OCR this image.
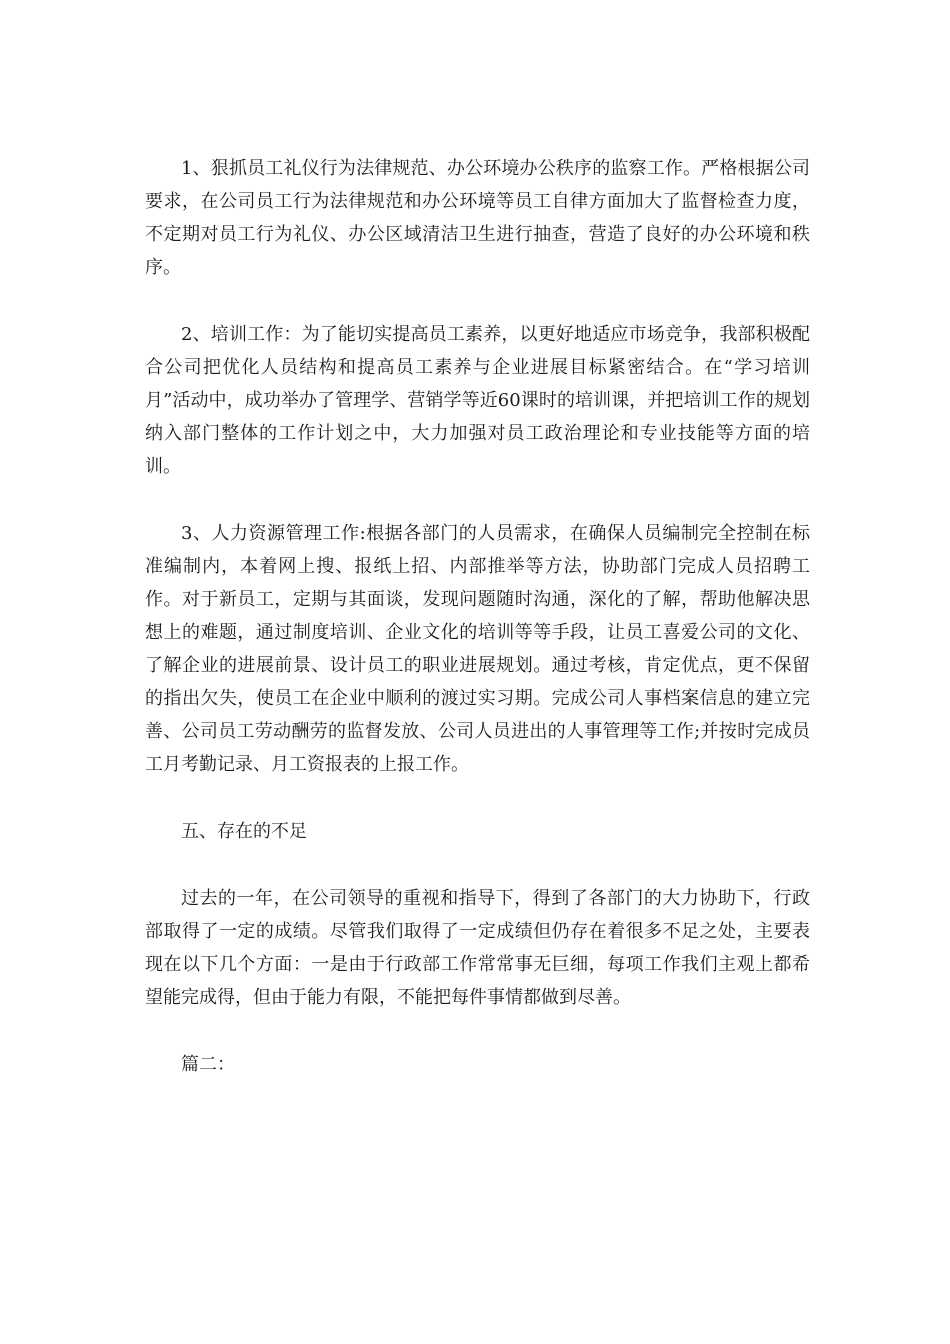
1、狠抓员工礼仪行为法律规范、办公环境办公秩序的监察工作。严格根据公司要求，在公司员工行为法律规范和办公环境等员工自律方面加大了监督检查力度，不定期对员工行为礼仪、办公区域清洁卫生进行抽查，营造了良好的办公环境和秩序。

2、培训工作：为了能切实提高员工素养，以更好地适应市场竞争，我部积极配合公司把优化人员结构和提高员工素养与企业进展目标紧密结合。在“学习培训月”活动中，成功举办了管理学、营销学等近60课时的培训课，并把培训工作的规划纳入部门整体的工作计划之中，大力加强对员工政治理论和专业技能等方面的培训。

3、人力资源管理工作:根据各部门的人员需求，在确保人员编制完全控制在标准编制内，本着网上搜、报纸上招、内部推举等方法，协助部门完成人员招聘工作。对于新员工，定期与其面谈，发现问题随时沟通，深化的了解，帮助他解决思想上的难题，通过制度培训、企业文化的培训等等手段，让员工喜爱公司的文化、了解企业的进展前景、设计员工的职业进展规划。通过考核，肯定优点，更不保留的指出欠失，使员工在企业中顺利的渡过实习期。完成公司人事档案信息的建立完善、公司员工劳动酬劳的监督发放、公司人员进出的人事管理等工作;并按时完成员工月考勤记录、月工资报表的上报工作。

五、存在的不足

过去的一年，在公司领导的重视和指导下，得到了各部门的大力协助下，行政部取得了一定的成绩。尽管我们取得了一定成绩但仍存在着很多不足之处，主要表现在以下几个方面：一是由于行政部工作常常事无巨细，每项工作我们主观上都希望能完成得，但由于能力有限，不能把每件事情都做到尽善。

篇二：
